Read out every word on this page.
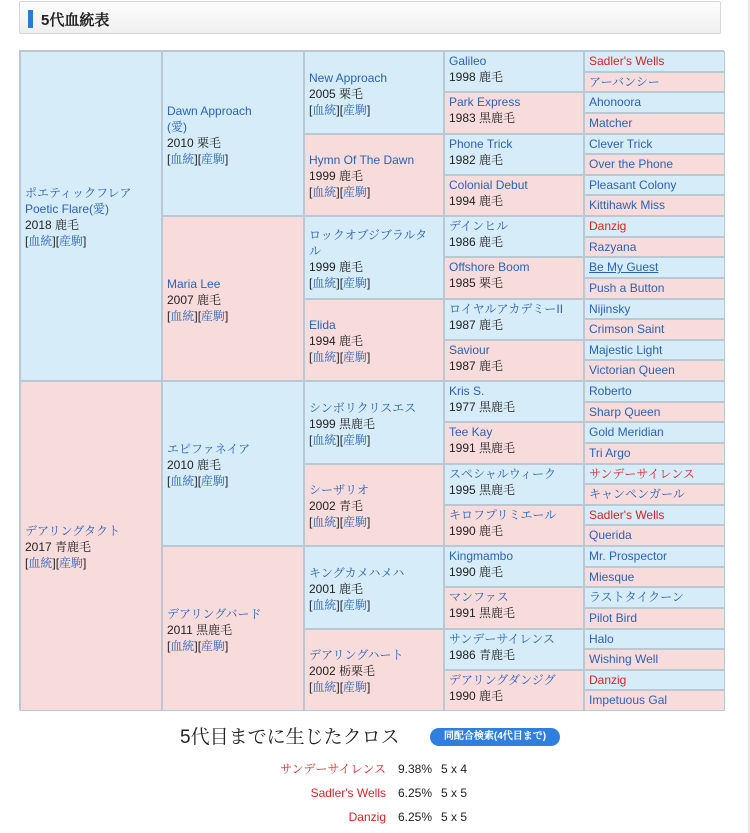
5代血統表
ポエティックフレア
Poetic Flare(愛)
2018 鹿毛
[血統][産駒]
デアリングタクト
2017 青鹿毛
[血統][産駒]
Dawn Approach
(愛)
2010 栗毛
[血統][産駒]
Maria Lee
2007 鹿毛
[血統][産駒]
エピファネイア
2010 鹿毛
[血統][産駒]
デアリングバード
2011 黒鹿毛
[血統][産駒]
New Approach
2005 栗毛
[血統][産駒]
Hymn Of The Dawn
1999 鹿毛
[血統][産駒]
ロックオブジブラルタ
ル
1999 鹿毛
[血統][産駒]
Elida
1994 鹿毛
[血統][産駒]
シンボリクリスエス
1999 黒鹿毛
[血統][産駒]
シーザリオ
2002 青毛
[血統][産駒]
キングカメハメハ
2001 鹿毛
[血統][産駒]
デアリングハート
2002 栃栗毛
[血統][産駒]
Galileo
1998 鹿毛
Park Express
1983 黒鹿毛
Phone Trick
1982 鹿毛
Colonial Debut
1994 鹿毛
デインヒル
1986 鹿毛
Offshore Boom
1985 栗毛
ロイヤルアカデミーII
1987 鹿毛
Saviour
1987 鹿毛
Kris S.
1977 黒鹿毛
Tee Kay
1991 黒鹿毛
スペシャルウィーク
1995 黒鹿毛
キロフプリミエール
1990 鹿毛
Kingmambo
1990 鹿毛
マンファス
1991 黒鹿毛
サンデーサイレンス
1986 青鹿毛
デアリングダンジグ
1990 鹿毛
Sadler's Wells
アーバンシー
Ahonoora
Matcher
Clever Trick
Over the Phone
Pleasant Colony
Kittihawk Miss
Danzig
Razyana
Be My Guest
Push a Button
Nijinsky
Crimson Saint
Majestic Light
Victorian Queen
Roberto
Sharp Queen
Gold Meridian
Tri Argo
サンデーサイレンス
キャンペンガール
Sadler's Wells
Querida
Mr. Prospector
Miesque
ラストタイクーン
Pilot Bird
Halo
Wishing Well
Danzig
Impetuous Gal
5代目までに生じたクロス	同配合検索(4代目まで)
サンデーサイレンス 9.38% 5 x 4
Sadler's Wells 6.25% 5 x 5
Danzig 6.25% 5 x 5
